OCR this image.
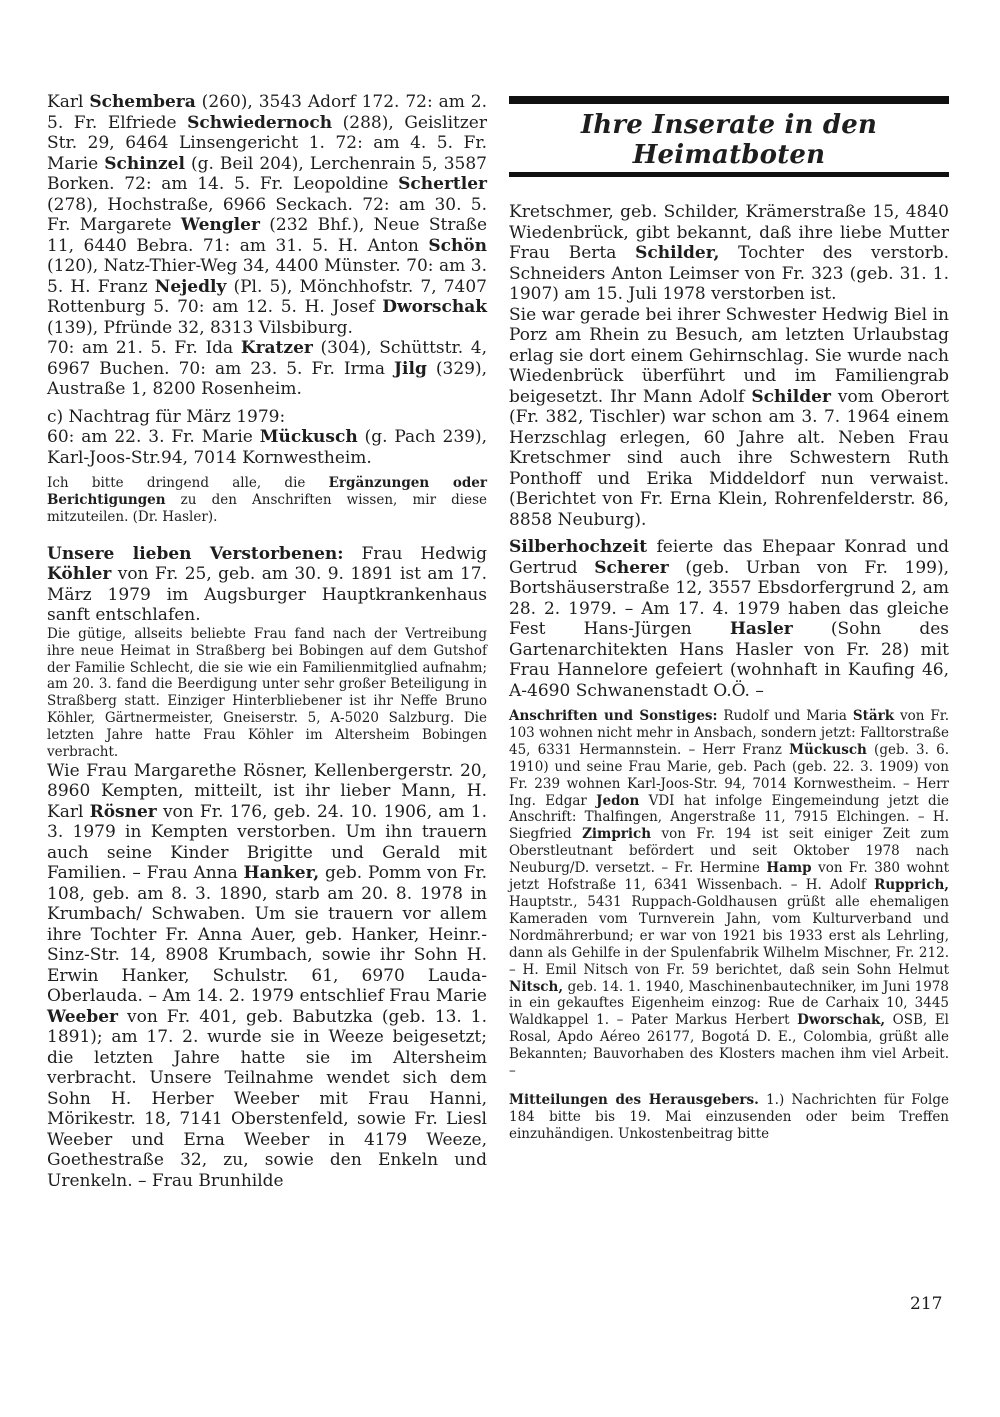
Karl Schembera (260), 3543 Adorf 172. 72: am 2. 5. Fr. Elfriede Schwiedernoch (288), Geislitzer Str. 29, 6464 Linsengericht 1. 72: am 4. 5. Fr. Marie Schinzel (g. Beil 204), Lerchenrain 5, 3587 Borken. 72: am 14. 5. Fr. Leopoldine Schertler (278), Hochstraße, 6966 Seckach. 72: am 30. 5. Fr. Margarete Wengler (232 Bhf.), Neue Straße 11, 6440 Bebra. 71: am 31. 5. H. Anton Schön (120), Natz-Thier-Weg 34, 4400 Münster. 70: am 3. 5. H. Franz Nejedly (Pl. 5), Mönchhofstr. 7, 7407 Rottenburg 5. 70: am 12. 5. H. Josef Dworschak (139), Pfründe 32, 8313 Vilsbiburg.

70: am 21. 5. Fr. Ida Kratzer (304), Schüttstr. 4, 6967 Buchen. 70: am 23. 5. Fr. Irma Jilg (329), Austraße 1, 8200 Rosenheim.

c) Nachtrag für März 1979:

60: am 22. 3. Fr. Marie Mückusch (g. Pach 239), Karl-Joos-Str.94, 7014 Kornwestheim.

Ich bitte dringend alle, die Ergänzungen oder Berichtigungen zu den Anschriften wissen, mir diese mitzuteilen. (Dr. Hasler).

Unsere lieben Verstorbenen: Frau Hedwig Köhler von Fr. 25, geb. am 30. 9. 1891 ist am 17. März 1979 im Augsburger Hauptkrankenhaus sanft entschlafen.

Die gütige, allseits beliebte Frau fand nach der Vertreibung ihre neue Heimat in Straßberg bei Bobingen auf dem Gutshof der Familie Schlecht, die sie wie ein Familienmitglied aufnahm; am 20. 3. fand die Beerdigung unter sehr großer Beteiligung in Straßberg statt. Einziger Hinterbliebener ist ihr Neffe Bruno Köhler, Gärtnermeister, Gneiserstr. 5, A-5020 Salzburg. Die letzten Jahre hatte Frau Köhler im Altersheim Bobingen verbracht.

Wie Frau Margarethe Rösner, Kellenbergerstr. 20, 8960 Kempten, mitteilt, ist ihr lieber Mann, H. Karl Rösner von Fr. 176, geb. 24. 10. 1906, am 1. 3. 1979 in Kempten verstorben. Um ihn trauern auch seine Kinder Brigitte und Gerald mit Familien. – Frau Anna Hanker, geb. Pomm von Fr. 108, geb. am 8. 3. 1890, starb am 20. 8. 1978 in Krumbach/ Schwaben. Um sie trauern vor allem ihre Tochter Fr. Anna Auer, geb. Hanker, Heinr.-Sinz-Str. 14, 8908 Krumbach, sowie ihr Sohn H. Erwin Hanker, Schulstr. 61, 6970 Lauda-Oberlauda. – Am 14. 2. 1979 entschlief Frau Marie Weeber von Fr. 401, geb. Babutzka (geb. 13. 1. 1891); am 17. 2. wurde sie in Weeze beigesetzt; die letzten Jahre hatte sie im Altersheim verbracht. Unsere Teilnahme wendet sich dem Sohn H. Herber Weeber mit Frau Hanni, Mörikestr. 18, 7141 Oberstenfeld, sowie Fr. Liesl Weeber und Erna Weeber in 4179 Weeze, Goethestraße 32, zu, sowie den Enkeln und Urenkeln. – Frau Brunhilde

Ihre Inserate in den Heimatboten

Kretschmer, geb. Schilder, Krämerstraße 15, 4840 Wiedenbrück, gibt bekannt, daß ihre liebe Mutter Frau Berta Schilder, Tochter des verstorb. Schneiders Anton Leimser von Fr. 323 (geb. 31. 1. 1907) am 15. Juli 1978 verstorben ist.

Sie war gerade bei ihrer Schwester Hedwig Biel in Porz am Rhein zu Besuch, am letzten Urlaubstag erlag sie dort einem Gehirnschlag. Sie wurde nach Wiedenbrück überführt und im Familiengrab beigesetzt. Ihr Mann Adolf Schilder vom Oberort (Fr. 382, Tischler) war schon am 3. 7. 1964 einem Herzschlag erlegen, 60 Jahre alt. Neben Frau Kretschmer sind auch ihre Schwestern Ruth Ponthoff und Erika Middeldorf nun verwaist. (Berichtet von Fr. Erna Klein, Rohrenfelderstr. 86, 8858 Neuburg).

Silberhochzeit feierte das Ehepaar Konrad und Gertrud Scherer (geb. Urban von Fr. 199), Bortshäuserstraße 12, 3557 Ebsdorfergrund 2, am 28. 2. 1979. – Am 17. 4. 1979 haben das gleiche Fest Hans-Jürgen Hasler (Sohn des Gartenarchitekten Hans Hasler von Fr. 28) mit Frau Hannelore gefeiert (wohnhaft in Kaufing 46, A-4690 Schwanenstadt O.Ö. –

Anschriften und Sonstiges: Rudolf und Maria Stärk von Fr. 103 wohnen nicht mehr in Ansbach, sondern jetzt: Falltorstraße 45, 6331 Hermannstein. – Herr Franz Mückusch (geb. 3. 6. 1910) und seine Frau Marie, geb. Pach (geb. 22. 3. 1909) von Fr. 239 wohnen Karl-Joos-Str. 94, 7014 Kornwestheim. – Herr Ing. Edgar Jedon VDI hat infolge Eingemeindung jetzt die Anschrift: Thalfingen, Angerstraße 11, 7915 Elchingen. – H. Siegfried Zimprich von Fr. 194 ist seit einiger Zeit zum Oberstleutnant befördert und seit Oktober 1978 nach Neuburg/D. versetzt. – Fr. Hermine Hamp von Fr. 380 wohnt jetzt Hofstraße 11, 6341 Wissenbach. – H. Adolf Rupprich, Hauptstr., 5431 Ruppach-Goldhausen grüßt alle ehemaligen Kameraden vom Turnverein Jahn, vom Kulturverband und Nordmährerbund; er war von 1921 bis 1933 erst als Lehrling, dann als Gehilfe in der Spulenfabrik Wilhelm Mischner, Fr. 212. – H. Emil Nitsch von Fr. 59 berichtet, daß sein Sohn Helmut Nitsch, geb. 14. 1. 1940, Maschinenbautechniker, im Juni 1978 in ein gekauftes Eigenheim einzog: Rue de Carhaix 10, 3445 Waldkappel 1. – Pater Markus Herbert Dworschak, OSB, El Rosal, Apdo Aéreo 26177, Bogotá D. E., Colombia, grüßt alle Bekannten; Bauvorhaben des Klosters machen ihm viel Arbeit. –

Mitteilungen des Herausgebers. 1.) Nachrichten für Folge 184 bitte bis 19. Mai einzusenden oder beim Treffen einzuhändigen. Unkostenbeitrag bitte

217
